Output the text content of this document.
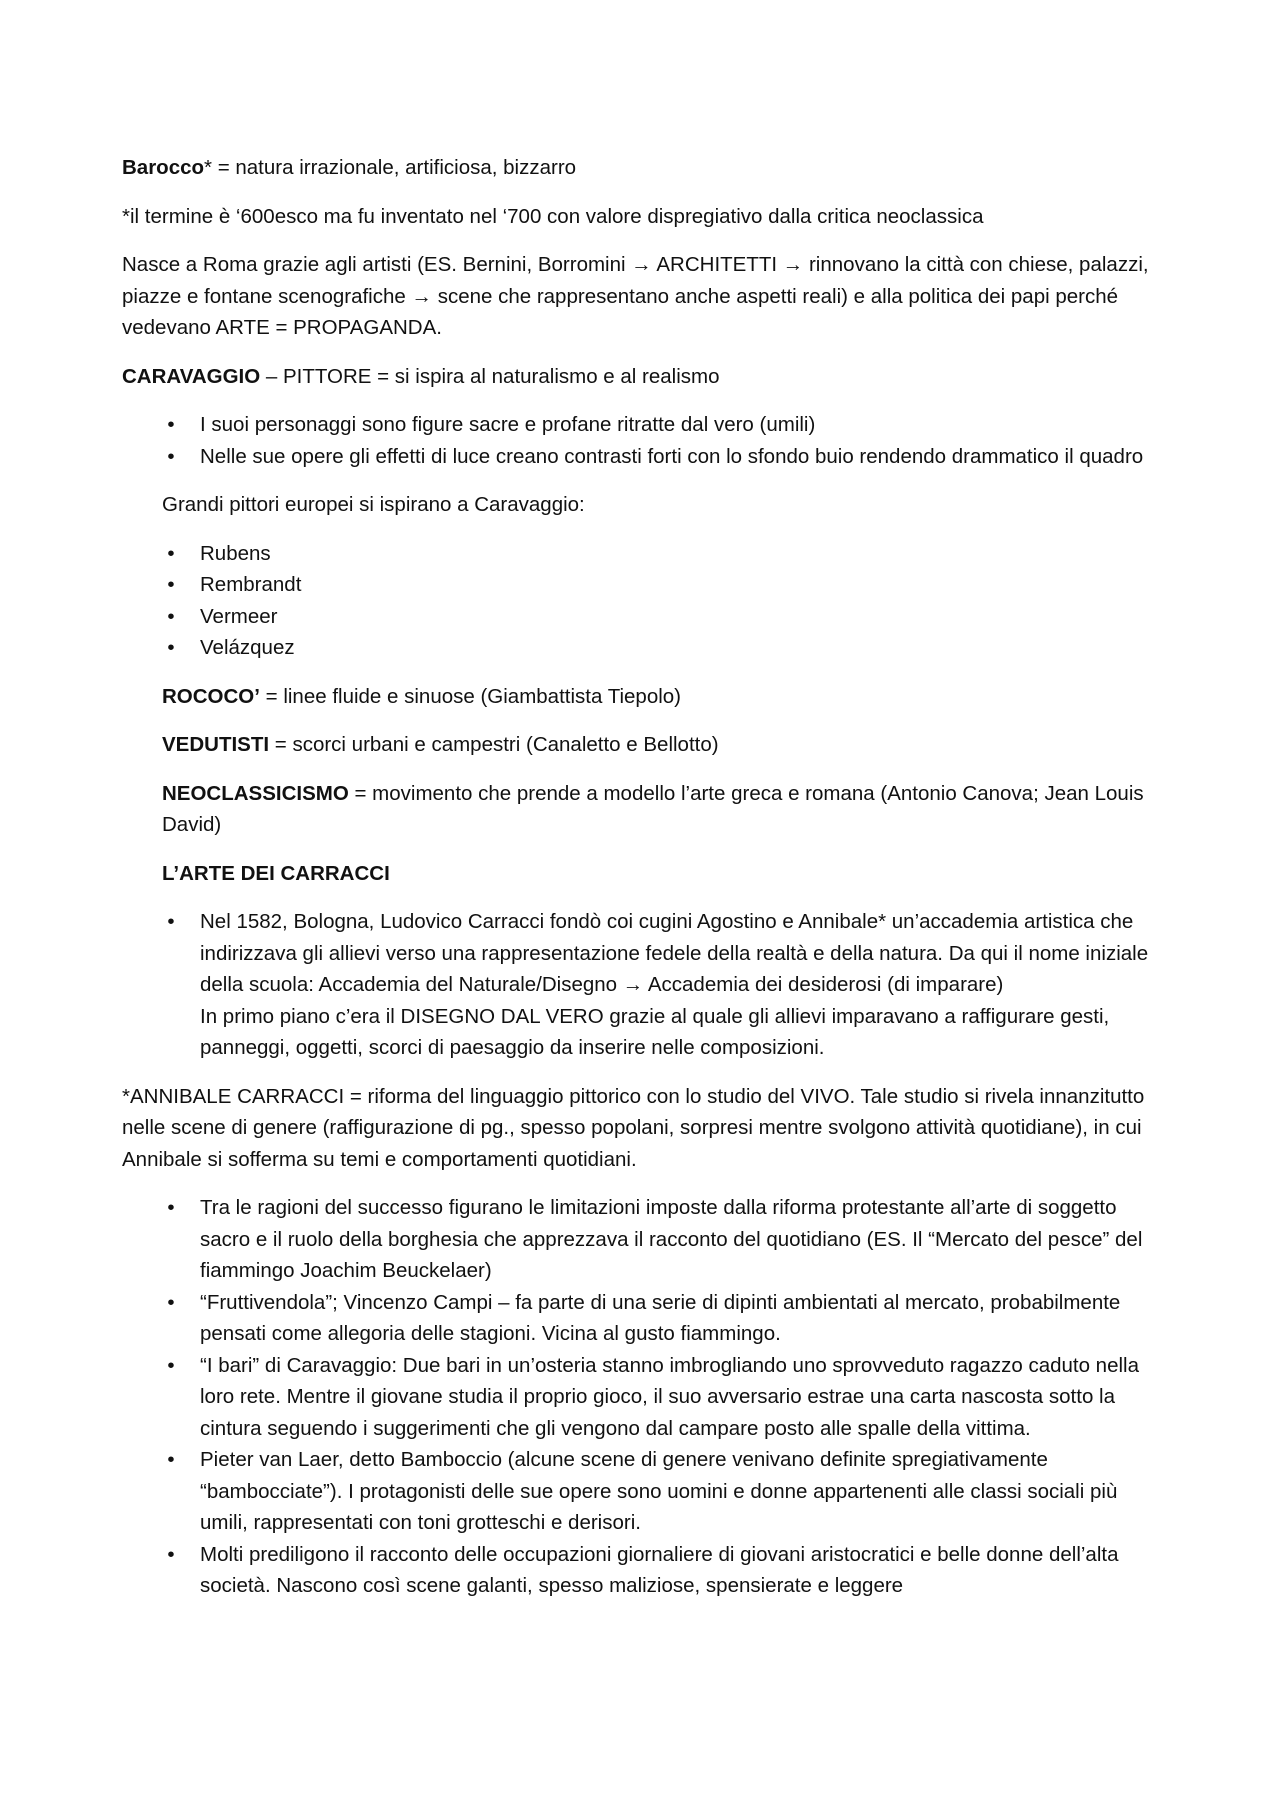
Barocco* = natura irrazionale, artificiosa, bizzarro

*il termine è ‘600esco ma fu inventato nel ‘700 con valore dispregiativo dalla critica neoclassica

Nasce a Roma grazie agli artisti (ES. Bernini, Borromini → ARCHITETTI → rinnovano la città con chiese, palazzi, piazze e fontane scenografiche → scene che rappresentano anche aspetti reali) e alla politica dei papi perché vedevano ARTE = PROPAGANDA.

CARAVAGGIO – PITTORE = si ispira al naturalismo e al realismo

• I suoi personaggi sono figure sacre e profane ritratte dal vero (umili)
• Nelle sue opere gli effetti di luce creano contrasti forti con lo sfondo buio rendendo drammatico il quadro

Grandi pittori europei si ispirano a Caravaggio:

• Rubens
• Rembrandt
• Vermeer
• Velázquez

ROCOCO’ = linee fluide e sinuose (Giambattista Tiepolo)

VEDUTISTI = scorci urbani e campestri (Canaletto e Bellotto)

NEOCLASSICISMO = movimento che prende a modello l’arte greca e romana (Antonio Canova; Jean Louis David)

L’ARTE DEI CARRACCI

• Nel 1582, Bologna, Ludovico Carracci fondò coi cugini Agostino e Annibale* un’accademia artistica che indirizzava gli allievi verso una rappresentazione fedele della realtà e della natura. Da qui il nome iniziale della scuola: Accademia del Naturale/Disegno → Accademia dei desiderosi (di imparare)
In primo piano c’era il DISEGNO DAL VERO grazie al quale gli allievi imparavano a raffigurare gesti, panneggi, oggetti, scorci di paesaggio da inserire nelle composizioni.

*ANNIBALE CARRACCI = riforma del linguaggio pittorico con lo studio del VIVO. Tale studio si rivela innanzitutto nelle scene di genere (raffigurazione di pg., spesso popolani, sorpresi mentre svolgono attività quotidiane), in cui Annibale si sofferma su temi e comportamenti quotidiani.

• Tra le ragioni del successo figurano le limitazioni imposte dalla riforma protestante all’arte di soggetto sacro e il ruolo della borghesia che apprezzava il racconto del quotidiano (ES. Il “Mercato del pesce” del fiammingo Joachim Beuckelaer)
• “Fruttivendola”; Vincenzo Campi – fa parte di una serie di dipinti ambientati al mercato, probabilmente pensati come allegoria delle stagioni. Vicina al gusto fiammingo.
• “I bari” di Caravaggio: Due bari in un’osteria stanno imbrogliando uno sprovveduto ragazzo caduto nella loro rete. Mentre il giovane studia il proprio gioco, il suo avversario estrae una carta nascosta sotto la cintura seguendo i suggerimenti che gli vengono dal campare posto alle spalle della vittima.
• Pieter van Laer, detto Bamboccio (alcune scene di genere venivano definite spregiativamente “bambocciate”). I protagonisti delle sue opere sono uomini e donne appartenenti alle classi sociali più umili, rappresentati con toni grotteschi e derisori.
• Molti prediligono il racconto delle occupazioni giornaliere di giovani aristocratici e belle donne dell’alta società. Nascono così scene galanti, spesso maliziose, spensierate e leggere
